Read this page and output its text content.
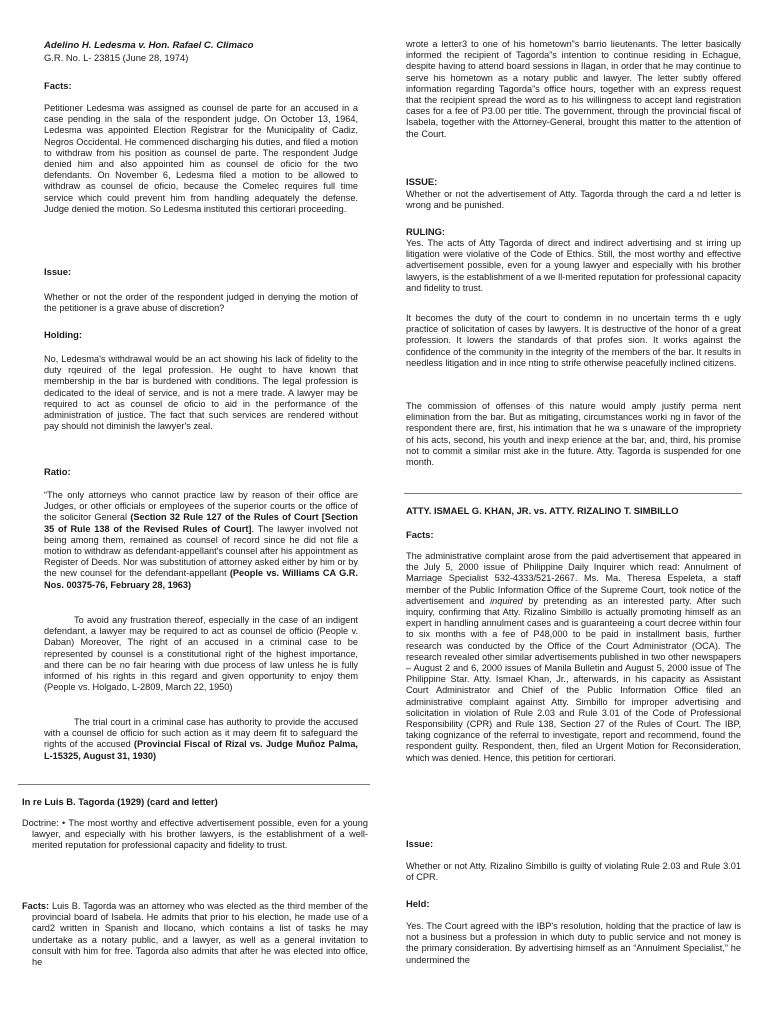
Adelino H. Ledesma v. Hon. Rafael C. Climaco
G.R. No. L- 23815 (June 28, 1974)
Facts:

Petitioner Ledesma was assigned as counsel de parte for an accused in a case pending in the sala of the respondent judge. On October 13, 1964, Ledesma was appointed Election Registrar for the Municipality of Cadiz, Negros Occidental. He commenced discharging his duties, and filed a motion to withdraw from his position as counsel de parte. The respondent Judge denied him and also appointed him as counsel de oficio for the two defendants. On November 6, Ledesma filed a motion to be allowed to withdraw as counsel de oficio, because the Comelec requires full time service which could prevent him from handling adequately the defense. Judge denied the motion. So Ledesma instituted this certiorari proceeding.

Issue:

Whether or not the order of the respondent judged in denying the motion of the petitioner is a grave abuse of discretion?

Holding:

No, Ledesma's withdrawal would be an act showing his lack of fidelity to the duty rqeuired of the legal profession. He ought to have known that membership in the bar is burdened with conditions. The legal profession is dedicated to the ideal of service, and is not a mere trade. A lawyer may be required to act as counsel de oficio to aid in the performance of the administration of justice. The fact that such services are rendered without pay should not diminish the lawyer's zeal.

Ratio:

“The only attorneys who cannot practice law by reason of their office are Judges, or other officials or employees of the superior courts or the office of the solicitor General (Section 32 Rule 127 of the Rules of Court [Section 35 of Rule 138 of the Revised Rules of Court]. The lawyer involved not being among them, remained as counsel of record since he did not file a motion to withdraw as defendant-appellant's counsel after his appointment as Register of Deeds. Nor was substitution of attorney asked either by him or by the new counsel for the defendant-appellant (People vs. Williams CA G.R. Nos. 00375-76, February 28, 1963)

To avoid any frustration thereof, especially in the case of an indigent defendant, a lawyer may be required to act as counsel de officio (People v. Daban) Moreover, The right of an accused in a criminal case to be represented by counsel is a constitutional right of the highest importance, and there can be no fair hearing with due process of law unless he is fully informed of his rights in this regard and given opportunity to enjoy them (People vs. Holgado, L-2809, March 22, 1950)

The trial court in a criminal case has authority to provide the accused with a counsel de officio for such action as it may deem fit to safeguard the rights of the accused (Provincial Fiscal of Rizal vs. Judge Muñoz Palma, L-15325, August 31, 1930)

In re Luis B. Tagorda (1929) (card and letter)

Doctrine: • The most worthy and effective advertisement possible, even for a young lawyer, and especially with his brother lawyers, is the establishment of a well-merited reputation for professional capacity and fidelity to trust.

Facts: Luis B. Tagorda was an attorney who was elected as the third member of the provincial board of Isabela. He admits that prior to his election, he made use of a card2 written in Spanish and Ilocano, which contains a list of tasks he may undertake as a notary public, and a lawyer, as well as a general invitation to consult with him for free. Tagorda also admits that after he was elected into office, he

wrote a letter3 to one of his hometown”s barrio lieutenants. The letter basically informed the recipient of Tagorda”s intention to continue residing in Echague, despite having to attend board sessions in Ilagan, in order that he may continue to serve his hometown as a notary public and lawyer. The letter subtly offered information regarding Tagorda”s office hours, together with an express request that the recipient spread the word as to his willingness to accept land registration cases for a fee of P3.00 per title. The government, through the provincial fiscal of Isabela, together with the Attorney-General, brought this matter to the attention of the Court.

ISSUE:

Whether or not the advertisement of Atty. Tagorda through the card a nd letter is wrong and be punished.

RULING:

Yes. The acts of Atty Tagorda of direct and indirect advertising and st irring up litigation were violative of the Code of Ethics. Still, the most worthy and effective advertisement possible, even for a young lawyer and especially with his brother lawyers, is the establishment of a we ll-merited reputation for professional capacity and fidelity to trust.

It becomes the duty of the court to condemn in no uncertain terms th e ugly practice of solicitation of cases by lawyers. It is destructive of the honor of a great profession. It lowers the standards of that profes sion. It works against the confidence of the community in the integrity of the members of the bar. It results in needless litigation and in ince nting to strife otherwise peacefully inclined citizens.

The commission of offenses of this nature would amply justify perma nent elimination from the bar. But as mitigating, circumstances worki ng in favor of the respondent there are, first, his intimation that he wa s unaware of the impropriety of his acts, second, his youth and inexp erience at the bar, and, third, his promise not to commit a similar mist ake in the future. Atty. Tagorda is suspended for one month.

ATTY. ISMAEL G. KHAN, JR. vs. ATTY. RIZALINO T. SIMBILLO
Facts:

The administrative complaint arose from the paid advertisement that appeared in the July 5, 2000 issue of Philippine Daily Inquirer which read: Annulment of Marriage Specialist 532-4333/521-2667. Ms. Ma. Theresa Espeleta, a staff member of the Public Information Office of the Supreme Court, took notice of the advertisement and inquired by pretending as an interested party. After such inquiry, confirming that Atty. Rizalino Simbillo is actually promoting himself as an expert in handling annulment cases and is guaranteeing a court decree within four to six months with a fee of P48,000 to be paid in installment basis, further research was conducted by the Office of the Court Administrator (OCA). The research revealed other similar advertisements published in two other newspapers – August 2 and 6, 2000 issues of Manila Bulletin and August 5, 2000 issue of The Philippine Star. Atty. Ismael Khan, Jr., afterwards, in his capacity as Assistant Court Administrator and Chief of the Public Information Office filed an administrative complaint against Atty. Simbillo for improper advertising and solicitation in violation of Rule 2.03 and Rule 3.01 of the Code of Professional Responsibility (CPR) and Rule 138, Section 27 of the Rules of Court. The IBP, taking cognizance of the referral to investigate, report and recommend, found the respondent guilty. Respondent, then, filed an Urgent Motion for Reconsideration, which was denied. Hence, this petition for certiorari.

Issue:

Whether or not Atty. Rizalino Simbillo is guilty of violating Rule 2.03 and Rule 3.01 of CPR.

Held:

Yes. The Court agreed with the IBP's resolution, holding that the practice of law is not a business but a profession in which duty to public service and not money is the primary consideration. By advertising himself as an “Annulment Specialist,” he undermined the
